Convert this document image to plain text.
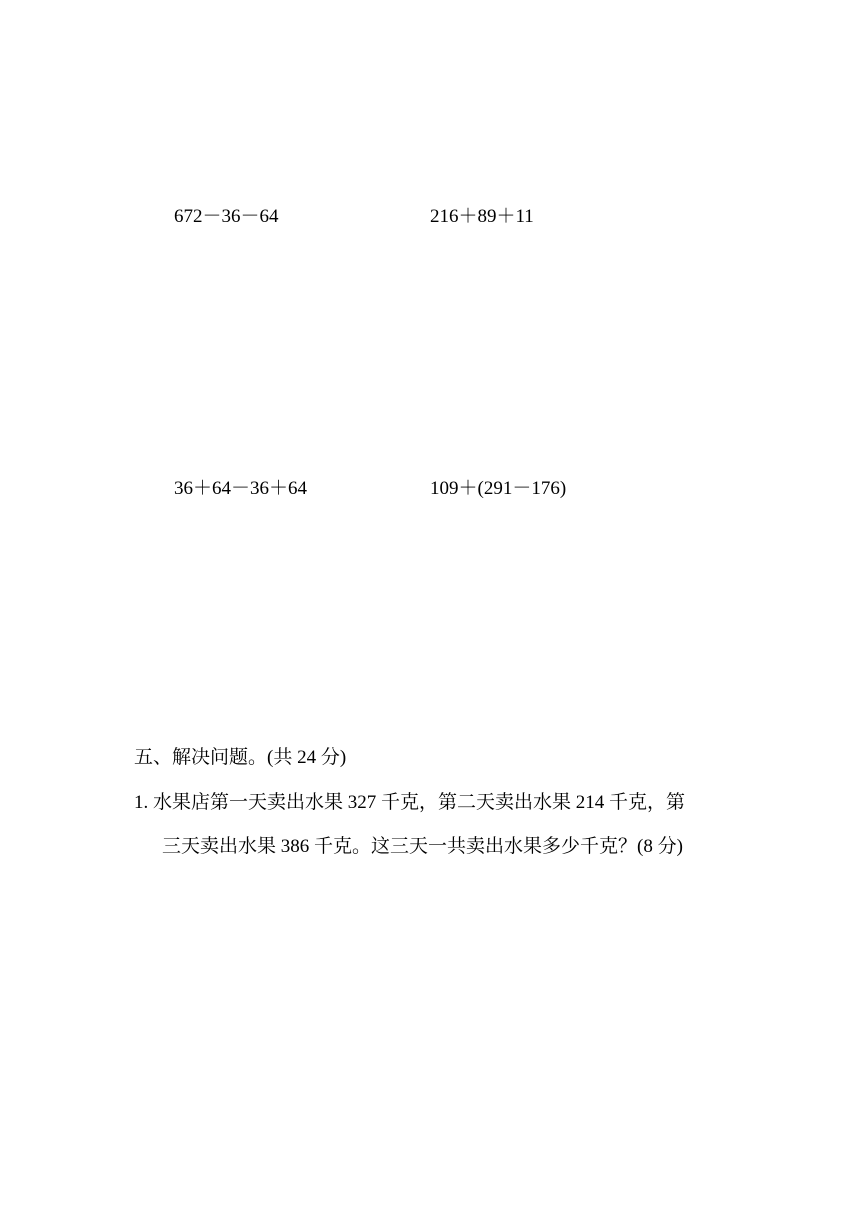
672－36－64	216＋89＋11
36＋64－36＋64	109＋(291－176)
五、解决问题。(共 24 分)
1. 水果店第一天卖出水果 327 千克，第二天卖出水果 214 千克，第
三天卖出水果 386 千克。这三天一共卖出水果多少千克？(8 分)
